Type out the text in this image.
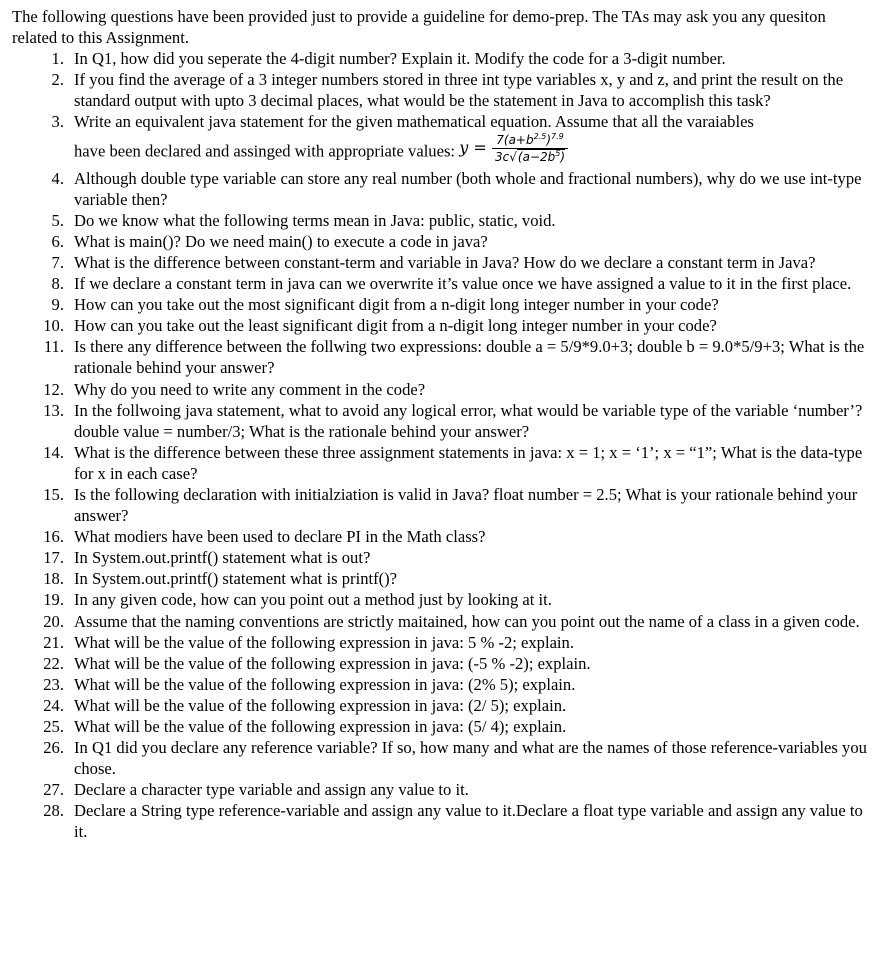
The following questions have been provided just to provide a guideline for demo-prep. The TAs may ask you any quesiton related to this Assignment.

1. In Q1, how did you seperate the 4-digit number? Explain it. Modify the code for a 3-digit number.
2. If you find the average of a 3 integer numbers stored in three int type variables x, y and z, and print the result on the standard output with upto 3 decimal places, what would be the statement in Java to accomplish this task?
3. Write an equivalent java statement for the given mathematical equation. Assume that all the varaiables
have been declared and assinged with appropriate values: $y = \frac{7(a+b^{2.5})^{7.9}}{3c√(a-2b^5)}$
4. Although double type variable can store any real number (both whole and fractional numbers), why do we use int-type variable then?
5. Do we know what the following terms mean in Java: public, static, void.
6. What is main()? Do we need main() to execute a code in java?
7. What is the difference between constant-term and variable in Java? How do we declare a constant term in Java?
8. If we declare a constant term in java can we overwrite it’s value once we have assigned a value to it in the first place.
9. How can you take out the most significant digit from a n-digit long integer number in your code?
10. How can you take out the least significant digit from a n-digit long integer number in your code?
11. Is there any difference between the follwing two expressions: double a = 5/9*9.0+3; double b = 9.0*5/9+3; What is the rationale behind your answer?
12. Why do you need to write any comment in the code?
13. In the follwoing java statement, what to avoid any logical error, what would be variable type of the variable ‘number’? double value = number/3; What is the rationale behind your answer?
14. What is the difference between these three assignment statements in java: x = 1; x = ‘1’; x = “1”; What is the data-type for x in each case?
15. Is the following declaration with initialziation is valid in Java? float number = 2.5; What is your rationale behind your answer?
16. What modiers have been used to declare PI in the Math class?
17. In System.out.printf() statement what is out?
18. In System.out.printf() statement what is printf()?
19. In any given code, how can you point out a method just by looking at it.
20. Assume that the naming conventions are strictly maitained, how can you point out the name of a class in a given code.
21. What will be the value of the following expression in java: 5 % -2; explain.
22. What will be the value of the following expression in java: (-5 % -2); explain.
23. What will be the value of the following expression in java: (2% 5); explain.
24. What will be the value of the following expression in java: (2/ 5); explain.
25. What will be the value of the following expression in java: (5/ 4); explain.
26. In Q1 did you declare any reference variable? If so, how many and what are the names of those reference-variables you chose.
27. Declare a character type variable and assign any value to it.
28. Declare a String type reference-variable and assign any value to it.Declare a float type variable and assign any value to it.
